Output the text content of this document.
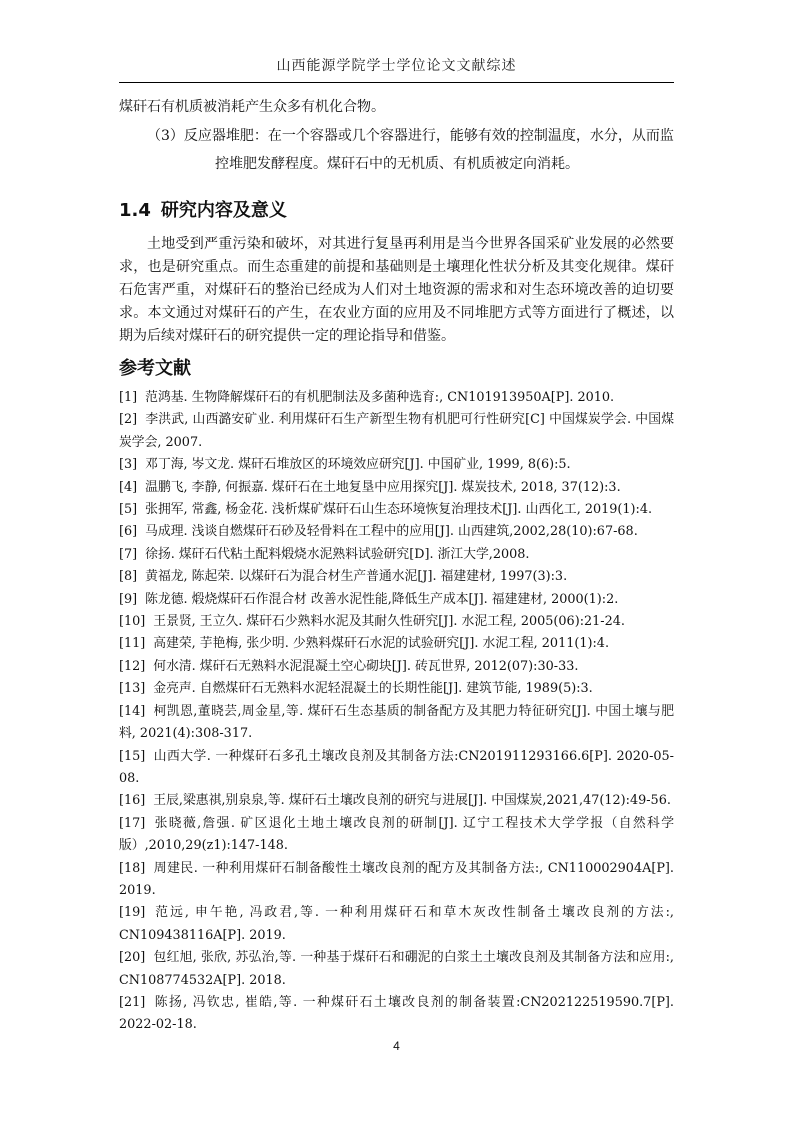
山西能源学院学士学位论文文献综述

煤矸石有机质被消耗产生众多有机化合物。

（3）反应器堆肥：在一个容器或几个容器进行，能够有效的控制温度，水分，从而监
控堆肥发酵程度。煤矸石中的无机质、有机质被定向消耗。
1.4 研究内容及意义

土地受到严重污染和破坏，对其进行复垦再利用是当今世界各国采矿业发展的必然要求，也是研究重点。而生态重建的前提和基础则是土壤理化性状分析及其变化规律。煤矸石危害严重，对煤矸石的整治已经成为人们对土地资源的需求和对生态环境改善的迫切要求。本文通过对煤矸石的产生，在农业方面的应用及不同堆肥方式等方面进行了概述，以期为后续对煤矸石的研究提供一定的理论指导和借鉴。

参考文献
[1] 范鸿基. 生物降解煤矸石的有机肥制法及多菌种选育:, CN101913950A[P]. 2010.
[2] 李洪武, 山西潞安矿业. 利用煤矸石生产新型生物有机肥可行性研究[C] 中国煤炭学会. 中国煤炭学会, 2007.
[3] 邓丁海, 岑文龙. 煤矸石堆放区的环境效应研究[J]. 中国矿业, 1999, 8(6):5.
[4] 温鹏飞, 李静, 何振嘉. 煤矸石在土地复垦中应用探究[J]. 煤炭技术, 2018, 37(12):3.
[5] 张拥军, 常鑫, 杨金花. 浅析煤矿煤矸石山生态环境恢复治理技术[J]. 山西化工, 2019(1):4.
[6] 马成理. 浅谈自燃煤矸石砂及轻骨料在工程中的应用[J]. 山西建筑,2002,28(10):67-68.
[7] 徐扬. 煤矸石代粘土配料煅烧水泥熟料试验研究[D]. 浙江大学,2008.
[8] 黄福龙, 陈起荣. 以煤矸石为混合材生产普通水泥[J]. 福建建材, 1997(3):3.
[9] 陈龙德. 煅烧煤矸石作混合材 改善水泥性能,降低生产成本[J]. 福建建材, 2000(1):2.
[10] 王景贤, 王立久. 煤矸石少熟料水泥及其耐久性研究[J]. 水泥工程, 2005(06):21-24.
[11] 高建荣, 芋艳梅, 张少明. 少熟料煤矸石水泥的试验研究[J]. 水泥工程, 2011(1):4.
[12] 何水清. 煤矸石无熟料水泥混凝土空心砌块[J]. 砖瓦世界, 2012(07):30-33.
[13] 金亮声. 自燃煤矸石无熟料水泥轻混凝土的长期性能[J]. 建筑节能, 1989(5):3.
[14] 柯凯恩,董晓芸,周金星,等. 煤矸石生态基质的制备配方及其肥力特征研究[J]. 中国土壤与肥料, 2021(4):308-317.
[15] 山西大学. 一种煤矸石多孔土壤改良剂及其制备方法:CN201911293166.6[P]. 2020-05-08.
[16] 王辰,梁惠祺,别泉泉,等. 煤矸石土壤改良剂的研究与进展[J]. 中国煤炭,2021,47(12):49-56.
[17] 张晓薇,詹强. 矿区退化土地土壤改良剂的研制[J]. 辽宁工程技术大学学报（自然科学版）,2010,29(z1):147-148.
[18] 周建民. 一种利用煤矸石制备酸性土壤改良剂的配方及其制备方法:, CN110002904A[P]. 2019.
[19] 范远, 申午艳, 冯政君,等. 一种利用煤矸石和草木灰改性制备土壤改良剂的方法:, CN109438116A[P]. 2019.
[20] 包红旭, 张欣, 苏弘治,等. 一种基于煤矸石和硼泥的白浆土土壤改良剂及其制备方法和应用:, CN108774532A[P]. 2018.
[21] 陈扬, 冯钦忠, 崔皓,等. 一种煤矸石土壤改良剂的制备装置:CN202122519590.7[P]. 2022-02-18.
4
